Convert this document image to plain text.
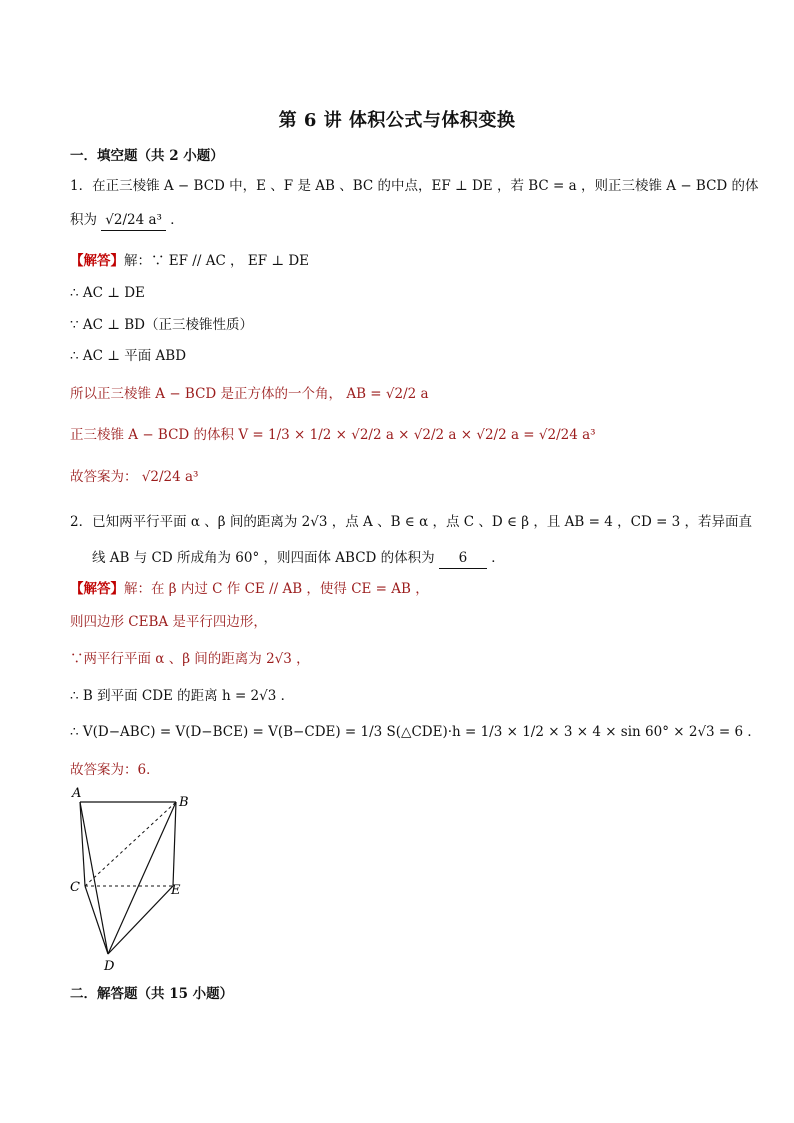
第 6 讲 体积公式与体积变换
一．填空题（共 2 小题）
1．在正三棱锥 A − BCD 中，E 、F 是 AB 、BC 的中点，EF ⊥ DE ，若 BC = a ，则正三棱锥 A − BCD 的体
积为 √2/24 a³ ．
【解答】解：∵ EF // AC ， EF ⊥ DE
∴ AC ⊥ DE
∵ AC ⊥ BD（正三棱锥性质）
∴ AC ⊥ 平面 ABD
所以正三棱锥 A − BCD 是正方体的一个角， AB = √2/2 a
正三棱锥 A − BCD 的体积 V = 1/3 × 1/2 × √2/2 a × √2/2 a × √2/2 a = √2/24 a³
故答案为： √2/24 a³
2．已知两平行平面 α 、β 间的距离为 2√3 ，点 A 、B ∈ α ，点 C 、D ∈ β ，且 AB = 4 ，CD = 3 ，若异面直
线 AB 与 CD 所成角为 60° ，则四面体 ABCD 的体积为 6 ．
【解答】解：在 β 内过 C 作 CE // AB ，使得 CE = AB ，
则四边形 CEBA 是平行四边形，
∵两平行平面 α 、β 间的距离为 2√3 ，
∴ B 到平面 CDE 的距离 h = 2√3 ．
∴ V(D−ABC) = V(D−BCE) = V(B−CDE) = 1/3 S(△CDE)·h = 1/3 × 1/2 × 3 × 4 × sin 60° × 2√3 = 6 ．
故答案为：6．
A
B
C	E
D
二．解答题（共 15 小题）
